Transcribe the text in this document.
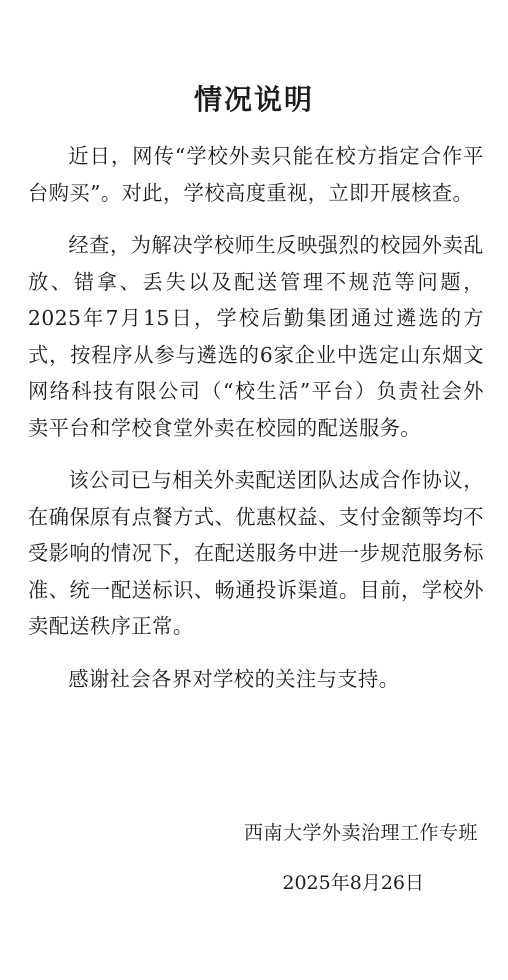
情况说明

近日，网传“学校外卖只能在校方指定合作平台购买”。对此，学校高度重视，立即开展核查。

经查，为解决学校师生反映强烈的校园外卖乱放、错拿、丢失以及配送管理不规范等问题，2025年7月15日，学校后勤集团通过遴选的方式，按程序从参与遴选的6家企业中选定山东烟文网络科技有限公司（“校生活”平台）负责社会外卖平台和学校食堂外卖在校园的配送服务。

该公司已与相关外卖配送团队达成合作协议，在确保原有点餐方式、优惠权益、支付金额等均不受影响的情况下，在配送服务中进一步规范服务标准、统一配送标识、畅通投诉渠道。目前，学校外卖配送秩序正常。

感谢社会各界对学校的关注与支持。

西南大学外卖治理工作专班
2025年8月26日
